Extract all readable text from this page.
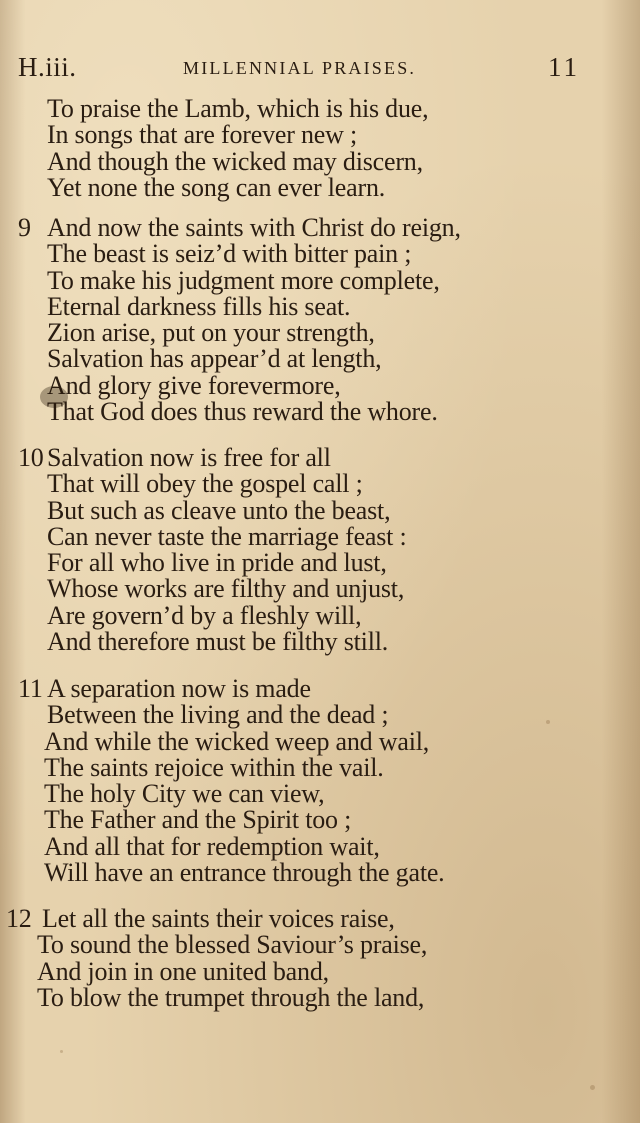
H.iii.	MILLENNIAL PRAISES.	11
To praise the Lamb, which is his due,
In songs that are forever new ;
And though the wicked may discern,
Yet none the song can ever learn.
9 And now the saints with Christ do reign,
The beast is seiz’d with bitter pain ;
To make his judgment more complete,
Eternal darkness fills his seat.
Zion arise, put on your strength,
Salvation has appear’d at length,
And glory give forevermore,
That God does thus reward the whore.
10 Salvation now is free for all
That will obey the gospel call ;
But such as cleave unto the beast,
Can never taste the marriage feast :
For all who live in pride and lust,
Whose works are filthy and unjust,
Are govern’d by a fleshly will,
And therefore must be filthy still.
11 A separation now is made
Between the living and the dead ;
And while the wicked weep and wail,
The saints rejoice within the vail.
The holy City we can view,
The Father and the Spirit too ;
And all that for redemption wait,
Will have an entrance through the gate.
12 Let all the saints their voices raise,
To sound the blessed Saviour’s praise,
And join in one united band,
To blow the trumpet through the land,
